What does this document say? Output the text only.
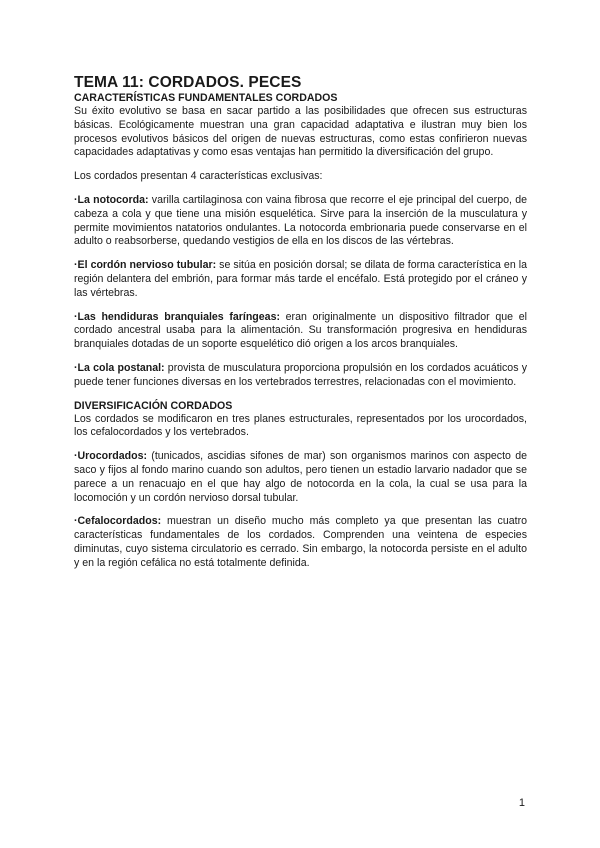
TEMA 11: CORDADOS. PECES
CARACTERÍSTICAS FUNDAMENTALES CORDADOS

Su éxito evolutivo se basa en sacar partido a las posibilidades que ofrecen sus estructuras básicas. Ecológicamente muestran una gran capacidad adaptativa e ilustran muy bien los procesos evolutivos básicos del origen de nuevas estructuras, como estas confirieron nuevas capacidades adaptativas y como esas ventajas han permitido la diversificación del grupo.

Los cordados presentan 4 características exclusivas:

·La notocorda: varilla cartilaginosa con vaina fibrosa que recorre el eje principal del cuerpo, de cabeza a cola y que tiene una misión esquelética. Sirve para la inserción de la musculatura y permite movimientos natatorios ondulantes. La notocorda embrionaria puede conservarse en el adulto o reabsorberse, quedando vestigios de ella en los discos de las vértebras.

·El cordón nervioso tubular: se sitúa en posición dorsal; se dilata de forma característica en la región delantera del embrión, para formar más tarde el encéfalo. Está protegido por el cráneo y las vértebras.

·Las hendiduras branquiales faríngeas: eran originalmente un dispositivo filtrador que el cordado ancestral usaba para la alimentación. Su transformación progresiva en hendiduras branquiales dotadas de un soporte esquelético dió origen a los arcos branquiales.

·La cola postanal: provista de musculatura proporciona propulsión en los cordados acuáticos y puede tener funciones diversas en los vertebrados terrestres, relacionadas con el movimiento.

DIVERSIFICACIÓN CORDADOS

Los cordados se modificaron en tres planes estructurales, representados por los urocordados, los cefalocordados y los vertebrados.

·Urocordados: (tunicados, ascidias sifones de mar) son organismos marinos con aspecto de saco y fijos al fondo marino cuando son adultos, pero tienen un estadio larvario nadador que se parece a un renacuajo en el que hay algo de notocorda en la cola, la cual se usa para la locomoción y un cordón nervioso dorsal tubular.

·Cefalocordados: muestran un diseño mucho más completo ya que presentan las cuatro características fundamentales de los cordados. Comprenden una veintena de especies diminutas, cuyo sistema circulatorio es cerrado. Sin embargo, la notocorda persiste en el adulto y en la región cefálica no está totalmente definida.

1
